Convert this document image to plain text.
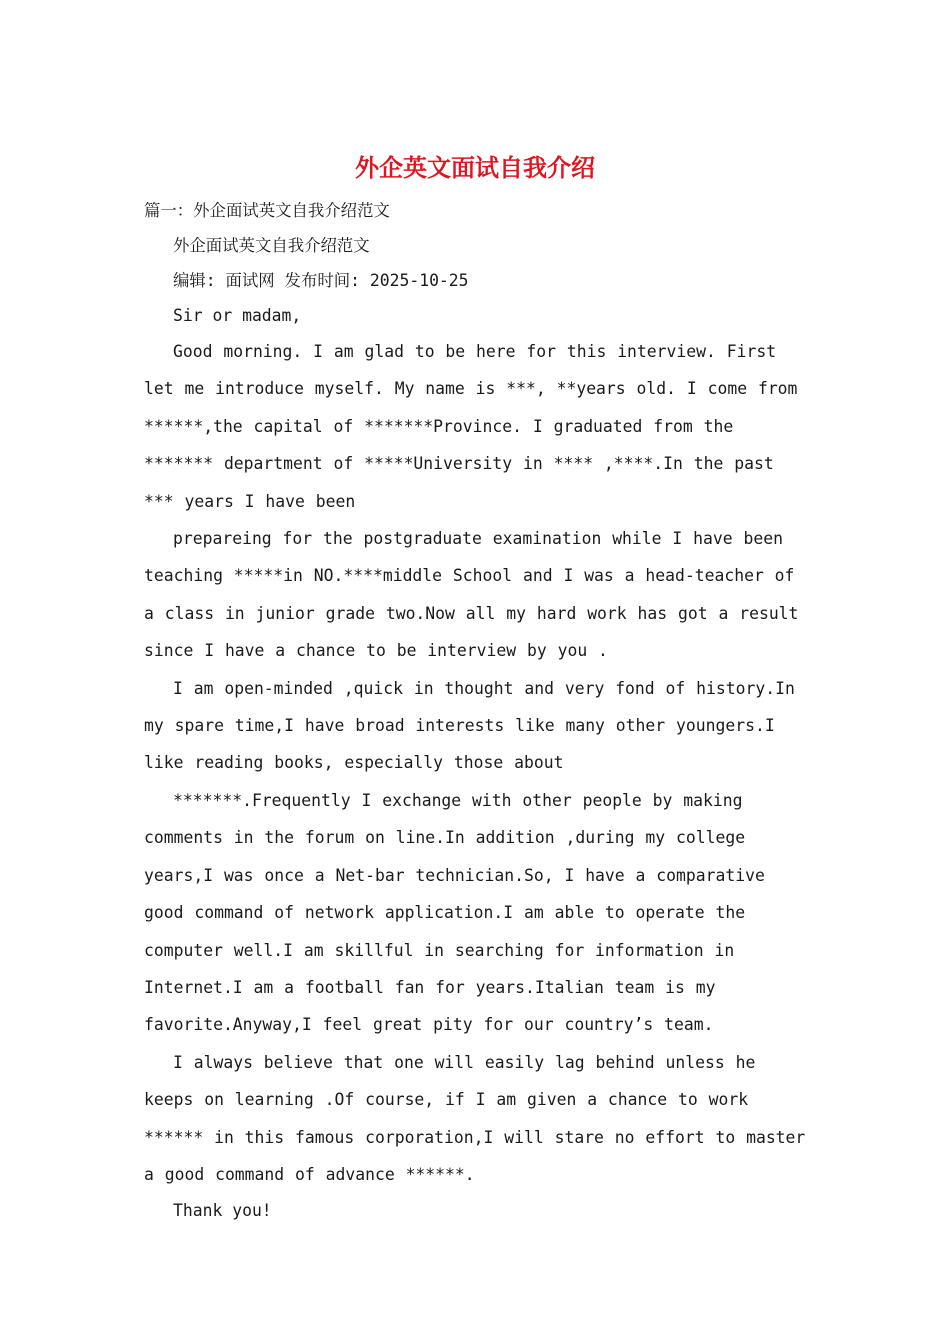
外企英文面试自我介绍

篇一：外企面试英文自我介绍范文

外企面试英文自我介绍范文

编辑: 面试网 发布时间: 2025-10-25

Sir or madam,

Good morning. I am glad to be here for this interview. First let me introduce myself. My name is ***, **years old. I come from ******,the capital of *******Province. I graduated from the ******* department of *****University in **** ,****.In the past *** years I have been

prepareing for the postgraduate examination while I have been teaching *****in NO.****middle School and I was a head-teacher of a class in junior grade two.Now all my hard work has got a result since I have a chance to be interview by you .

I am open-minded ,quick in thought and very fond of history.In my spare time,I have broad interests like many other youngers.I like reading books, especially those about

*******.Frequently I exchange with other people by making comments in the forum on line.In addition ,during my college years,I was once a Net-bar technician.So, I have a comparative good command of network application.I am able to operate the computer well.I am skillful in searching for information in Internet.I am a football fan for years.Italian team is my favorite.Anyway,I feel great pity for our country’s team.

I always believe that one will easily lag behind unless he keeps on learning .Of course, if I am given a chance to work ****** in this famous corporation,I will stare no effort to master a good command of advance ******.

Thank you!
